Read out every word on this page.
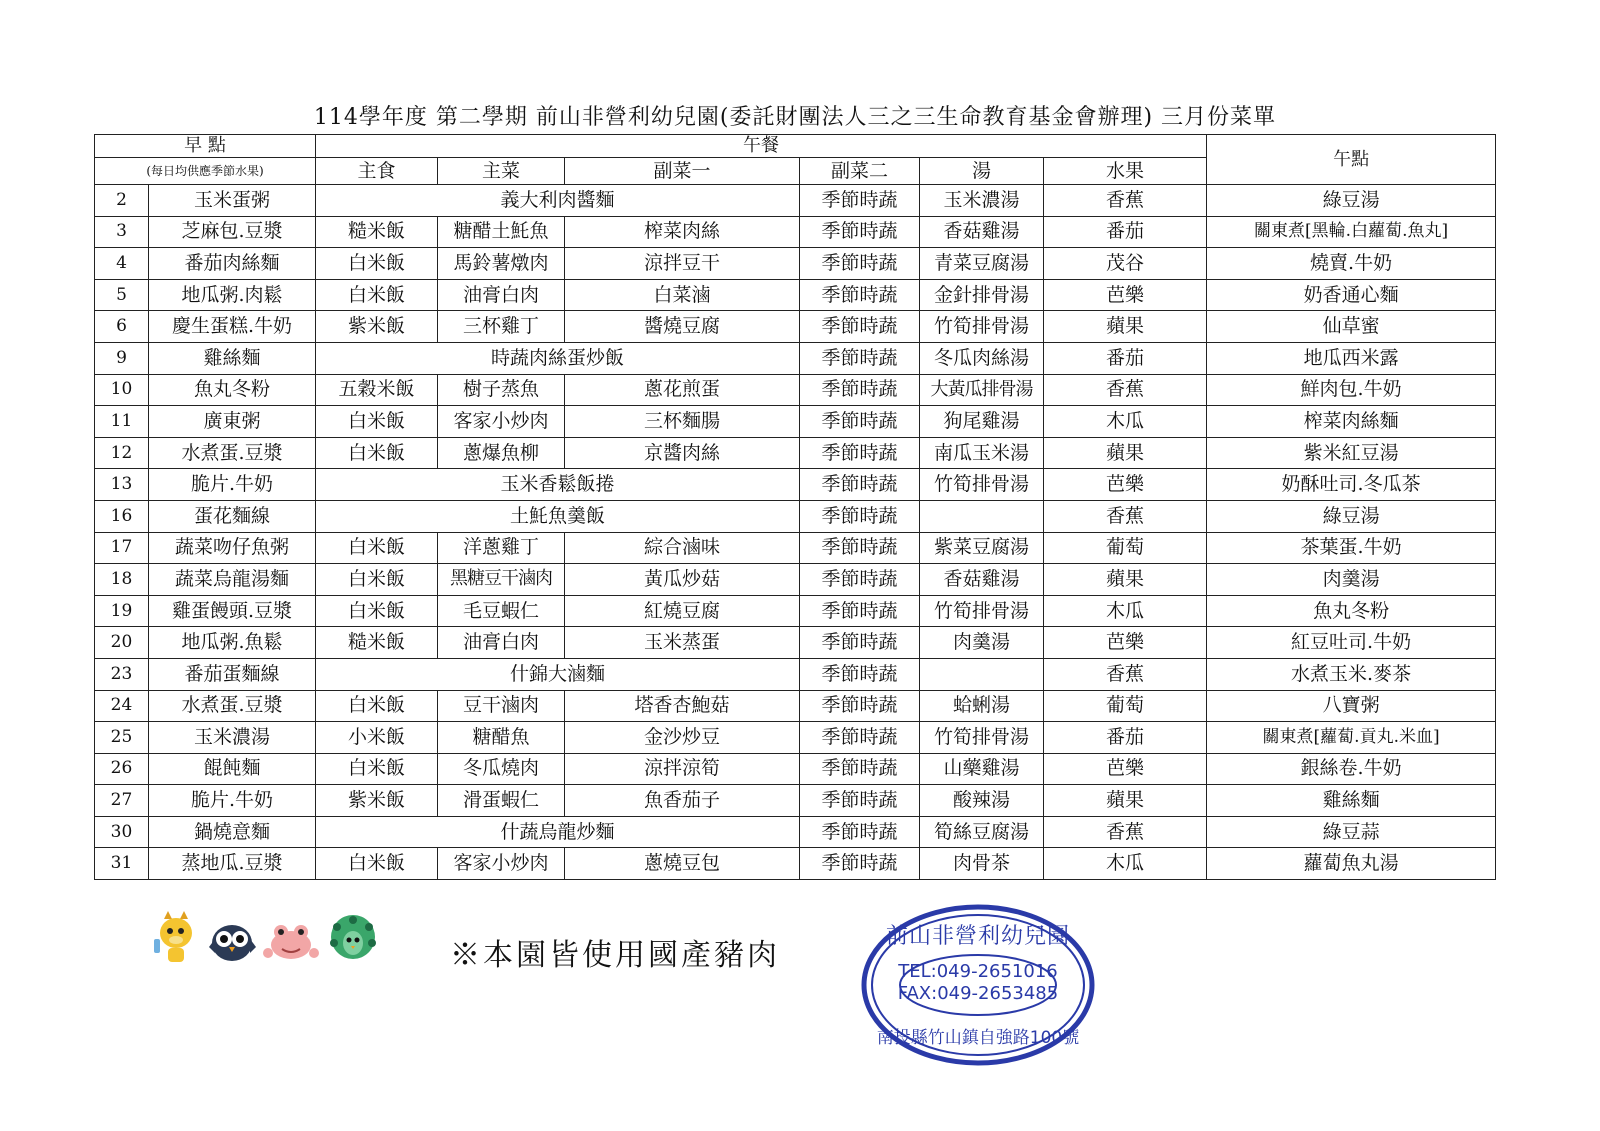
114學年度 第二學期 前山非營利幼兒園(委託財團法人三之三生命教育基金會辦理) 三月份菜單
早 點		午餐						午點
(每日均供應季節水果)		主食	主菜	副菜一	副菜二	湯	水果	
2	玉米蛋粥	義大利肉醬麵			季節時蔬	玉米濃湯	香蕉	綠豆湯
3	芝麻包.豆漿	糙米飯	糖醋土魠魚	榨菜肉絲	季節時蔬	香菇雞湯	番茄	關東煮[黑輪.白蘿蔔.魚丸]
4	番茄肉絲麵	白米飯	馬鈴薯燉肉	涼拌豆干	季節時蔬	青菜豆腐湯	茂谷	燒賣.牛奶
5	地瓜粥.肉鬆	白米飯	油膏白肉	白菜滷	季節時蔬	金針排骨湯	芭樂	奶香通心麵
6	慶生蛋糕.牛奶	紫米飯	三杯雞丁	醬燒豆腐	季節時蔬	竹筍排骨湯	蘋果	仙草蜜
9	雞絲麵	時蔬肉絲蛋炒飯			季節時蔬	冬瓜肉絲湯	番茄	地瓜西米露
10	魚丸冬粉	五穀米飯	樹子蒸魚	蔥花煎蛋	季節時蔬	大黃瓜排骨湯	香蕉	鮮肉包.牛奶
11	廣東粥	白米飯	客家小炒肉	三杯麵腸	季節時蔬	狗尾雞湯	木瓜	榨菜肉絲麵
12	水煮蛋.豆漿	白米飯	蔥爆魚柳	京醬肉絲	季節時蔬	南瓜玉米湯	蘋果	紫米紅豆湯
13	脆片.牛奶	玉米香鬆飯捲			季節時蔬	竹筍排骨湯	芭樂	奶酥吐司.冬瓜茶
16	蛋花麵線	土魠魚羹飯			季節時蔬		香蕉	綠豆湯
17	蔬菜吻仔魚粥	白米飯	洋蔥雞丁	綜合滷味	季節時蔬	紫菜豆腐湯	葡萄	茶葉蛋.牛奶
18	蔬菜烏龍湯麵	白米飯	黑糖豆干滷肉	黃瓜炒菇	季節時蔬	香菇雞湯	蘋果	肉羹湯
19	雞蛋饅頭.豆漿	白米飯	毛豆蝦仁	紅燒豆腐	季節時蔬	竹筍排骨湯	木瓜	魚丸冬粉
20	地瓜粥.魚鬆	糙米飯	油膏白肉	玉米蒸蛋	季節時蔬	肉羹湯	芭樂	紅豆吐司.牛奶
23	番茄蛋麵線	什錦大滷麵			季節時蔬		香蕉	水煮玉米.麥茶
24	水煮蛋.豆漿	白米飯	豆干滷肉	塔香杏鮑菇	季節時蔬	蛤蜊湯	葡萄	八寶粥
25	玉米濃湯	小米飯	糖醋魚	金沙炒豆	季節時蔬	竹筍排骨湯	番茄	關東煮[蘿蔔.貢丸.米血]
26	餛飩麵	白米飯	冬瓜燒肉	涼拌涼筍	季節時蔬	山藥雞湯	芭樂	銀絲卷.牛奶
27	脆片.牛奶	紫米飯	滑蛋蝦仁	魚香茄子	季節時蔬	酸辣湯	蘋果	雞絲麵
30	鍋燒意麵	什蔬烏龍炒麵			季節時蔬	筍絲豆腐湯	香蕉	綠豆蒜
31	蒸地瓜.豆漿	白米飯	客家小炒肉	蔥燒豆包	季節時蔬	肉骨茶	木瓜	蘿蔔魚丸湯
※本園皆使用國產豬肉
前山非營利幼兒園
TEL:049-2651016
FAX:049-2653485
南投縣竹山鎮自強路100號
